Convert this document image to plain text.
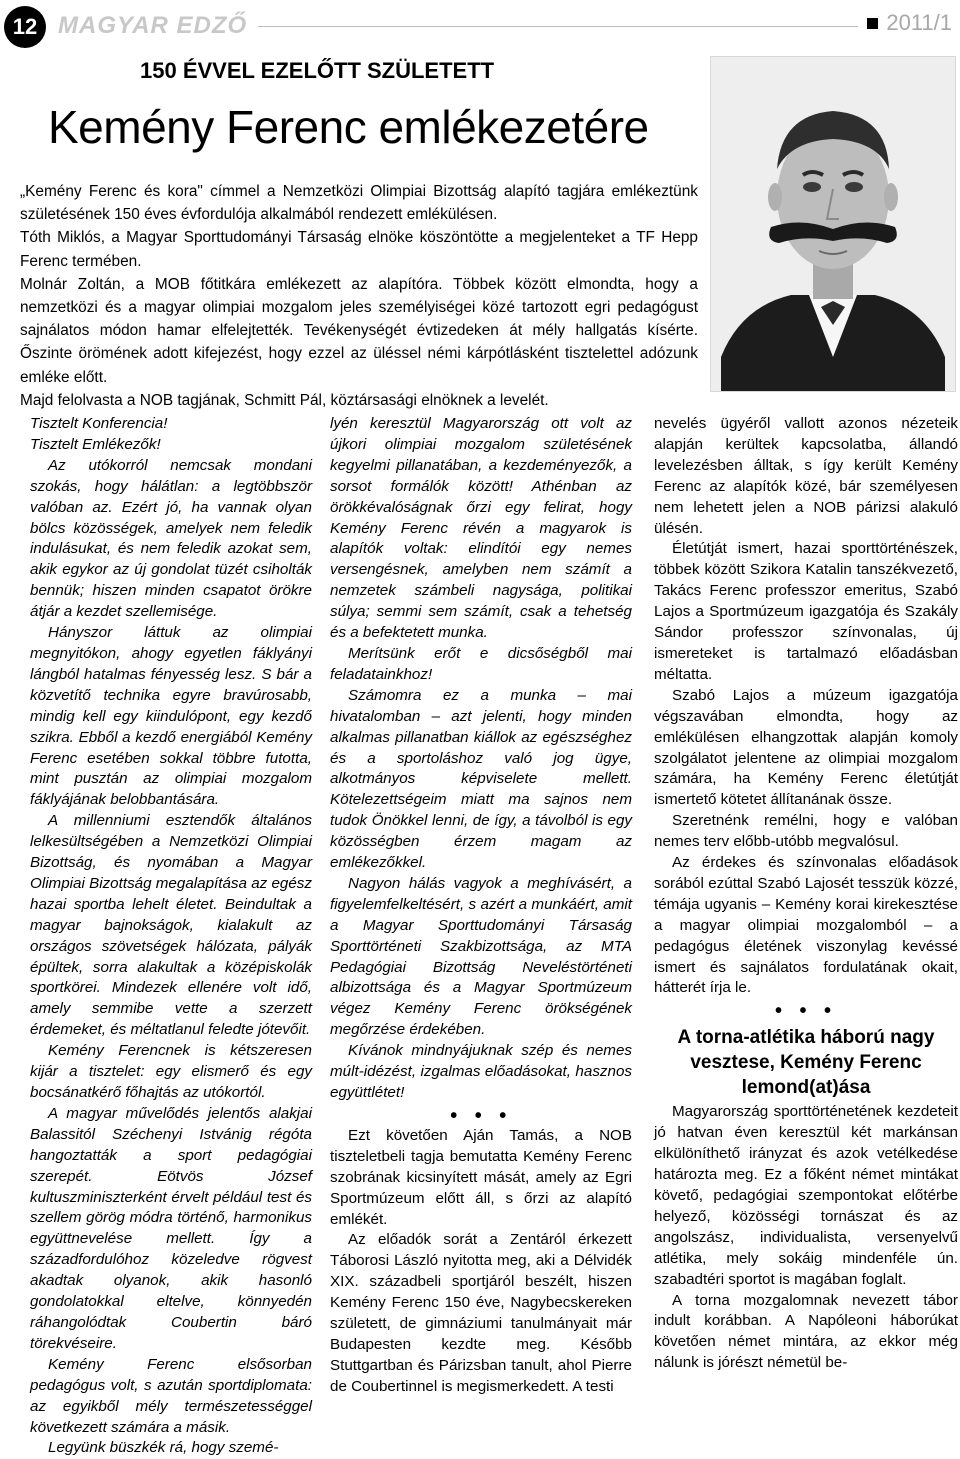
12 MAGYAR EDZŐ	2011/1
150 ÉVVEL EZELŐTT SZÜLETETT
Kemény Ferenc emlékezetére

„Kemény Ferenc és kora" címmel a Nemzetközi Olimpiai Bizottság alapító tagjára emlékeztünk születésének 150 éves évfordulója alkalmából rendezett emlékülésen.

Tóth Miklós, a Magyar Sporttudományi Társaság elnöke köszöntötte a megjelenteket a TF Hepp Ferenc termében.

Molnár Zoltán, a MOB főtitkára emlékezett az alapítóra. Többek között elmondta, hogy a nemzetközi és a magyar olimpiai mozgalom jeles személyiségei közé tartozott egri pedagógust sajnálatos módon hamar elfelejtették. Tevékenységét évtizedeken át mély hallgatás kísérte. Őszinte örömének adott kifejezést, hogy ezzel az üléssel némi kárpótlásként tisztelettel adózunk emléke előtt.

Majd felolvasta a NOB tagjának, Schmitt Pál, köztársasági elnöknek a levelét.

Tisztelt Konferencia!

Tisztelt Emlékezők!

Az utókorról nemcsak mondani szokás, hogy hálátlan: a legtöbbször valóban az. Ezért jó, ha vannak olyan bölcs közösségek, amelyek nem feledik indulásukat, és nem feledik azokat sem, akik egykor az új gondolat tüzét csiholták bennük; hiszen minden csapatot örökre átjár a kezdet szellemisége.

Hányszor láttuk az olimpiai megnyitókon, ahogy egyetlen fáklyányi lángból hatalmas fényesség lesz. S bár a közvetítő technika egyre bravúrosabb, mindig kell egy kiindulópont, egy kezdő szikra. Ebből a kezdő energiából Kemény Ferenc esetében sokkal többre futotta, mint pusztán az olimpiai mozgalom fáklyájának belobbantására.

A millenniumi esztendők általános lelkesültségében a Nemzetközi Olimpiai Bizottság, és nyomában a Magyar Olimpiai Bizottság megalapítása az egész hazai sportba lehelt életet. Beindultak a magyar bajnokságok, kialakult az országos szövetségek hálózata, pályák épültek, sorra alakultak a középiskolák sportkörei. Mindezek ellenére volt idő, amely semmibe vette a szerzett érdemeket, és méltatlanul feledte jótevőit.

Kemény Ferencnek is kétszeresen kijár a tisztelet: egy elismerő és egy bocsánatkérő főhajtás az utókortól.

A magyar művelődés jelentős alakjai Balassitól Széchenyi Istvánig régóta hangoztatták a sport pedagógiai szerepét. Eötvös József kultuszminiszterként érvelt például test és szellem görög módra történő, harmonikus együttnevelése mellett. Így a századfordulóhoz közeledve rögvest akadtak olyanok, akik hasonló gondolatokkal eltelve, könnyedén ráhangolódtak Coubertin báró törekvéseire.

Kemény Ferenc elsősorban pedagógus volt, s azután sportdiplomata: az egyikből mély természetességgel következett számára a másik.

Legyünk büszkék rá, hogy szemé-

lyén keresztül Magyarország ott volt az újkori olimpiai mozgalom születésének kegyelmi pillanatában, a kezdeményezők, a sorsot formálók között! Athénban az örökkévalóságnak őrzi egy felirat, hogy Kemény Ferenc révén a magyarok is alapítók voltak: elindítói egy nemes versengésnek, amelyben nem számít a nemzetek számbeli nagysága, politikai súlya; semmi sem számít, csak a tehetség és a befektetett munka.

Merítsünk erőt e dicsőségből mai feladatainkhoz!

Számomra ez a munka – mai hivatalomban – azt jelenti, hogy minden alkalmas pillanatban kiállok az egészséghez és a sportoláshoz való jog ügye, alkotmányos képviselete mellett. Kötelezettségeim miatt ma sajnos nem tudok Önökkel lenni, de így, a távolból is egy közösségben érzem magam az emlékezőkkel.

Nagyon hálás vagyok a meghívásért, a figyelemfelkeltésért, s azért a munkáért, amit a Magyar Sporttudományi Társaság Sporttörténeti Szakbizottsága, az MTA Pedagógiai Bizottság Neveléstörténeti albizottsága és a Magyar Sportmúzeum végez Kemény Ferenc örökségének megőrzése érdekében.

Kívánok mindnyájuknak szép és nemes múlt-idézést, izgalmas előadásokat, hasznos együttlétet!

• • •

Ezt követően Aján Tamás, a NOB tiszteletbeli tagja bemutatta Kemény Ferenc szobrának kicsinyített mását, amely az Egri Sportmúzeum előtt áll, s őrzi az alapító emlékét.

Az előadók sorát a Zentáról érkezett Táborosi László nyitotta meg, aki a Délvidék XIX. századbeli sportjáról beszélt, hiszen Kemény Ferenc 150 éve, Nagybecskereken született, de gimnáziumi tanulmányait már Budapesten kezdte meg. Később Stuttgartban és Párizsban tanult, ahol Pierre de Coubertinnel is megismerkedett. A testi

nevelés ügyéről vallott azonos nézeteik alapján kerültek kapcsolatba, állandó levelezésben álltak, s így került Kemény Ferenc az alapítók közé, bár személyesen nem lehetett jelen a NOB párizsi alakuló ülésén.

Életútját ismert, hazai sporttörténészek, többek között Szikora Katalin tanszékvezető, Takács Ferenc professzor emeritus, Szabó Lajos a Sportmúzeum igazgatója és Szakály Sándor professzor színvonalas, új ismereteket is tartalmazó előadásban méltatta.

Szabó Lajos a múzeum igazgatója végszavában elmondta, hogy az emlékülésen elhangzottak alapján komoly szolgálatot jelentene az olimpiai mozgalom számára, ha Kemény Ferenc életútját ismertető kötetet állítanának össze.

Szeretnénk remélni, hogy e valóban nemes terv előbb-utóbb megvalósul.

Az érdekes és színvonalas előadások sorából ezúttal Szabó Lajosét tesszük közzé, témája ugyanis – Kemény korai kirekesztése a magyar olimpiai mozgalomból – a pedagógus életének viszonylag kevéssé ismert és sajnálatos fordulatának okait, hátterét írja le.

• • •
A torna-atlétika háború nagy vesztese, Kemény Ferenc lemond(at)ása

Magyarország sporttörténetének kezdeteit jó hatvan éven keresztül két markánsan elkülöníthető irányzat és azok vetélkedése határozta meg. Ez a főként német mintákat követő, pedagógiai szempontokat előtérbe helyező, közösségi tornászat és az angolszász, individualista, versenyelvű atlétika, mely sokáig mindenféle ún. szabadtéri sportot is magában foglalt.

A torna mozgalomnak nevezett tábor indult korábban. A Napóleoni háborúkat követően német mintára, az ekkor még nálunk is jórészt németül be-
